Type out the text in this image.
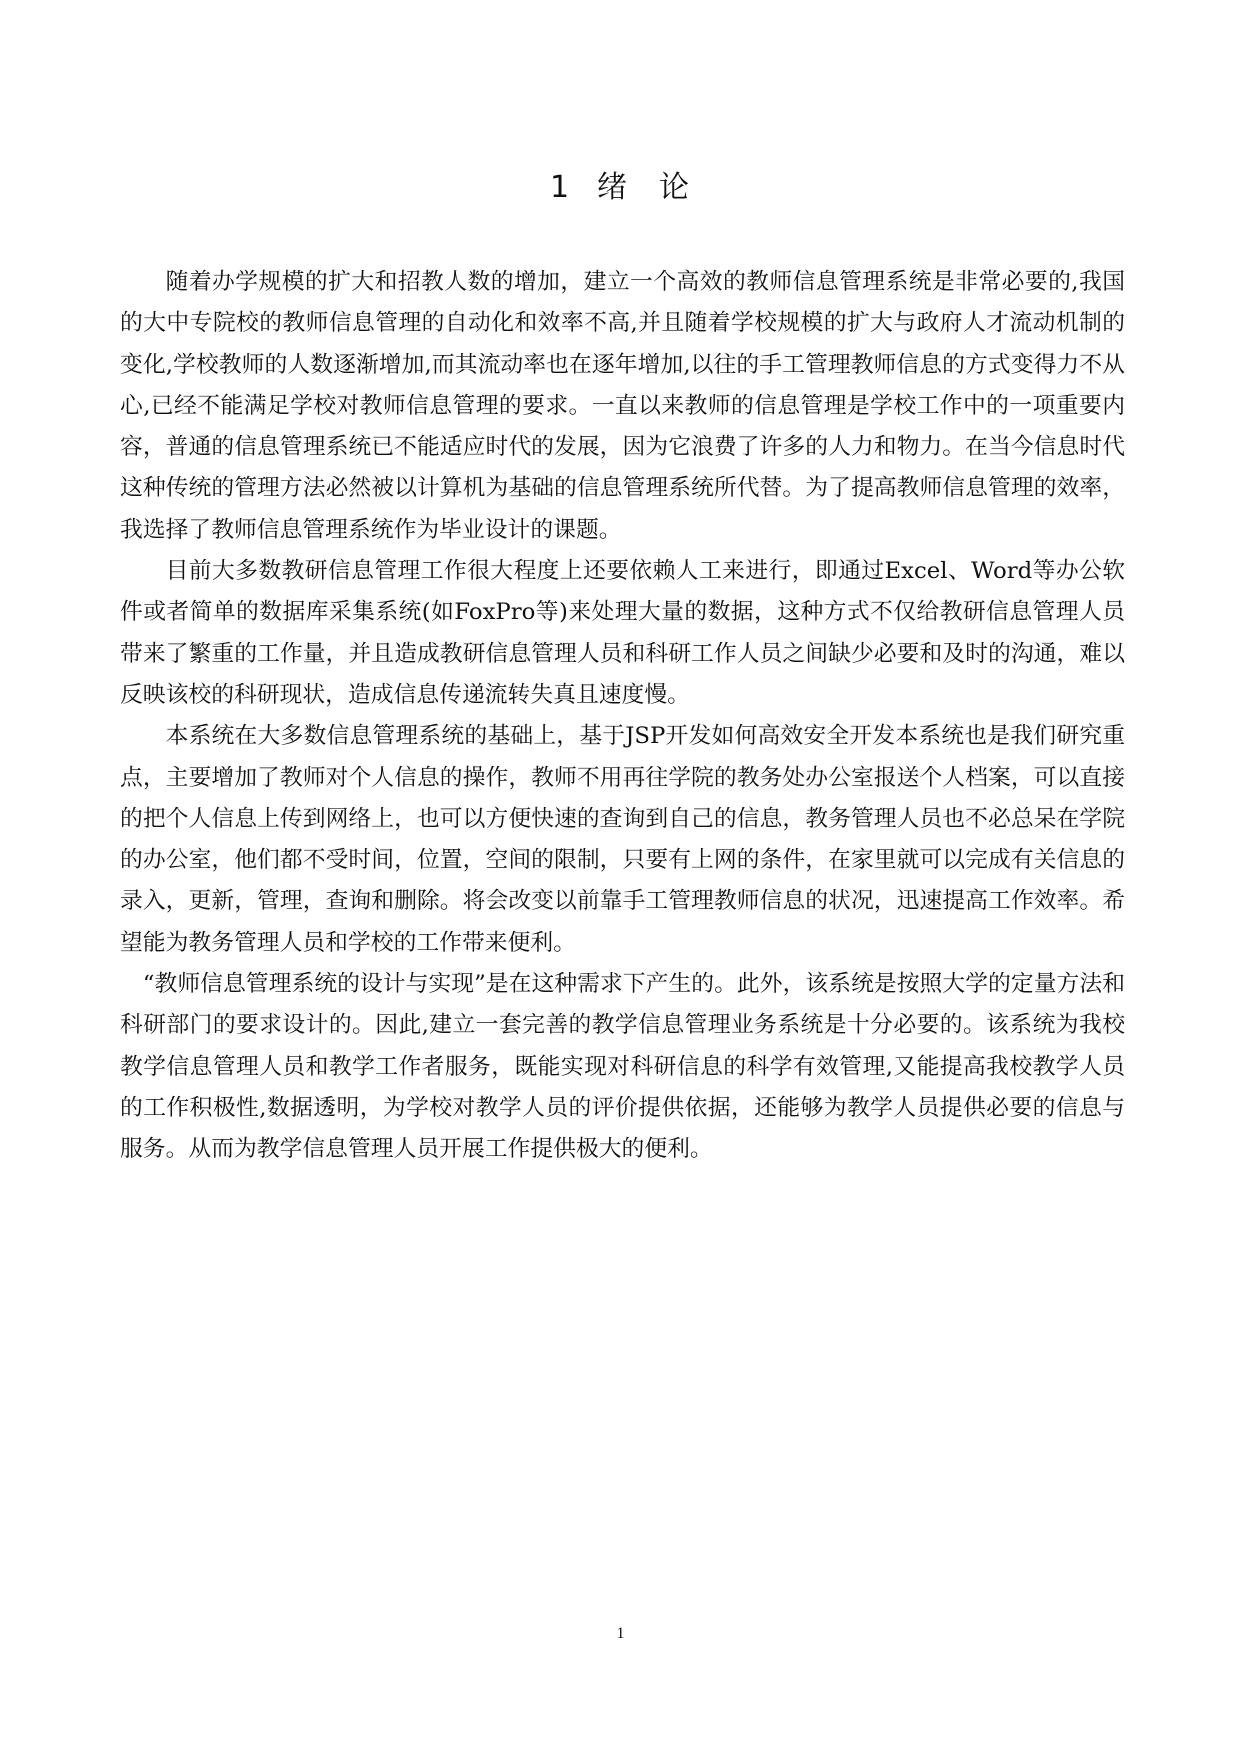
1 绪 论

随着办学规模的扩大和招教人数的增加，建立一个高效的教师信息管理系统是非常必要的,我国的大中专院校的教师信息管理的自动化和效率不高,并且随着学校规模的扩大与政府人才流动机制的变化,学校教师的人数逐渐增加,而其流动率也在逐年增加,以往的手工管理教师信息的方式变得力不从心,已经不能满足学校对教师信息管理的要求。一直以来教师的信息管理是学校工作中的一项重要内容，普通的信息管理系统已不能适应时代的发展，因为它浪费了许多的人力和物力。在当今信息时代这种传统的管理方法必然被以计算机为基础的信息管理系统所代替。为了提高教师信息管理的效率，我选择了教师信息管理系统作为毕业设计的课题。

目前大多数教研信息管理工作很大程度上还要依赖人工来进行，即通过Excel、Word等办公软件或者简单的数据库采集系统(如FoxPro等)来处理大量的数据，这种方式不仅给教研信息管理人员带来了繁重的工作量，并且造成教研信息管理人员和科研工作人员之间缺少必要和及时的沟通，难以反映该校的科研现状，造成信息传递流转失真且速度慢。

本系统在大多数信息管理系统的基础上，基于JSP开发如何高效安全开发本系统也是我们研究重点，主要增加了教师对个人信息的操作，教师不用再往学院的教务处办公室报送个人档案，可以直接的把个人信息上传到网络上，也可以方便快速的查询到自己的信息，教务管理人员也不必总呆在学院的办公室，他们都不受时间，位置，空间的限制，只要有上网的条件，在家里就可以完成有关信息的录入，更新，管理，查询和删除。将会改变以前靠手工管理教师信息的状况，迅速提高工作效率。希望能为教务管理人员和学校的工作带来便利。

“教师信息管理系统的设计与实现”是在这种需求下产生的。此外，该系统是按照大学的定量方法和科研部门的要求设计的。因此,建立一套完善的教学信息管理业务系统是十分必要的。该系统为我校教学信息管理人员和教学工作者服务，既能实现对科研信息的科学有效管理,又能提高我校教学人员的工作积极性,数据透明，为学校对教学人员的评价提供依据，还能够为教学人员提供必要的信息与服务。从而为教学信息管理人员开展工作提供极大的便利。

1
